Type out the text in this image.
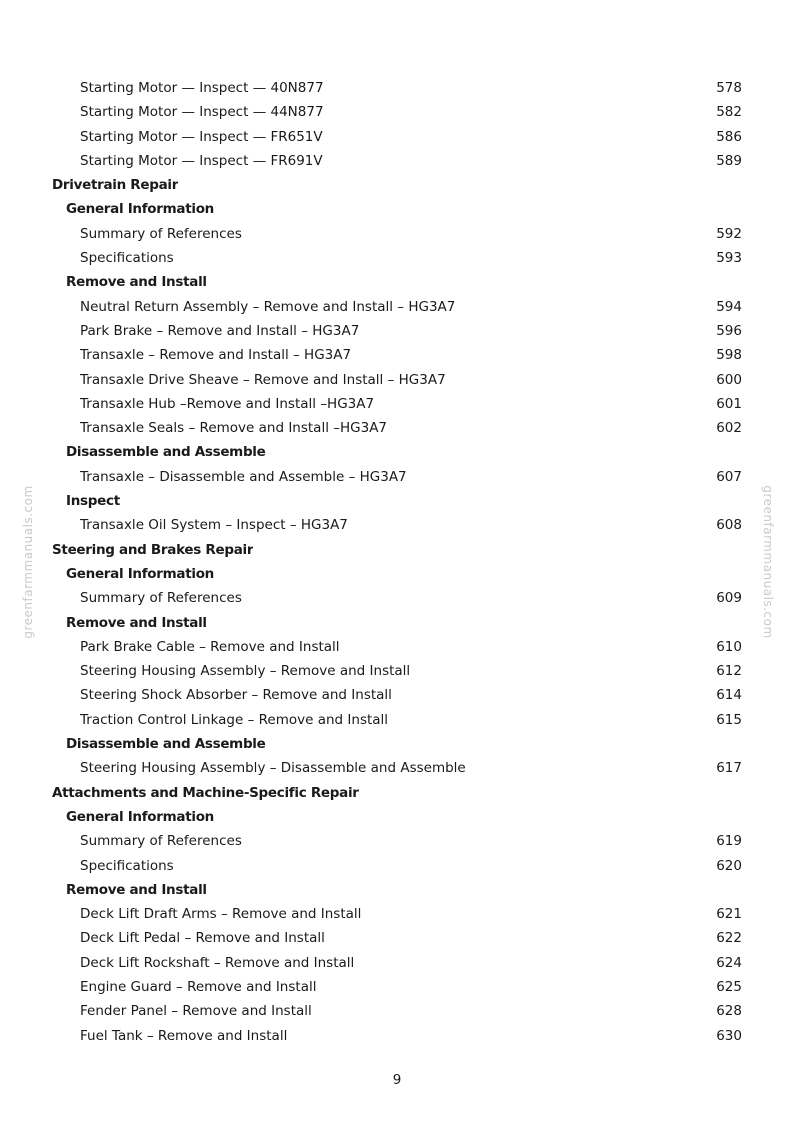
greenfarmmanuals.com	greenfarmmanuals.com
Starting Motor — Inspect — 40N877	578
Starting Motor — Inspect — 44N877	582
Starting Motor — Inspect — FR651V	586
Starting Motor — Inspect — FR691V	589
Drivetrain Repair
General Information
Summary of References	592
Specifications	593
Remove and Install
Neutral Return Assembly – Remove and Install – HG3A7	594
Park Brake – Remove and Install – HG3A7	596
Transaxle – Remove and Install – HG3A7	598
Transaxle Drive Sheave – Remove and Install – HG3A7	600
Transaxle Hub –Remove and Install –HG3A7	601
Transaxle Seals – Remove and Install –HG3A7	602
Disassemble and Assemble
Transaxle – Disassemble and Assemble – HG3A7	607
Inspect
Transaxle Oil System – Inspect – HG3A7	608
Steering and Brakes Repair
General Information
Summary of References	609
Remove and Install
Park Brake Cable – Remove and Install	610
Steering Housing Assembly – Remove and Install	612
Steering Shock Absorber – Remove and Install	614
Traction Control Linkage – Remove and Install	615
Disassemble and Assemble
Steering Housing Assembly – Disassemble and Assemble	617
Attachments and Machine-Specific Repair
General Information
Summary of References	619
Specifications	620
Remove and Install
Deck Lift Draft Arms – Remove and Install	621
Deck Lift Pedal – Remove and Install	622
Deck Lift Rockshaft – Remove and Install	624
Engine Guard – Remove and Install	625
Fender Panel – Remove and Install	628
Fuel Tank – Remove and Install	630
9
